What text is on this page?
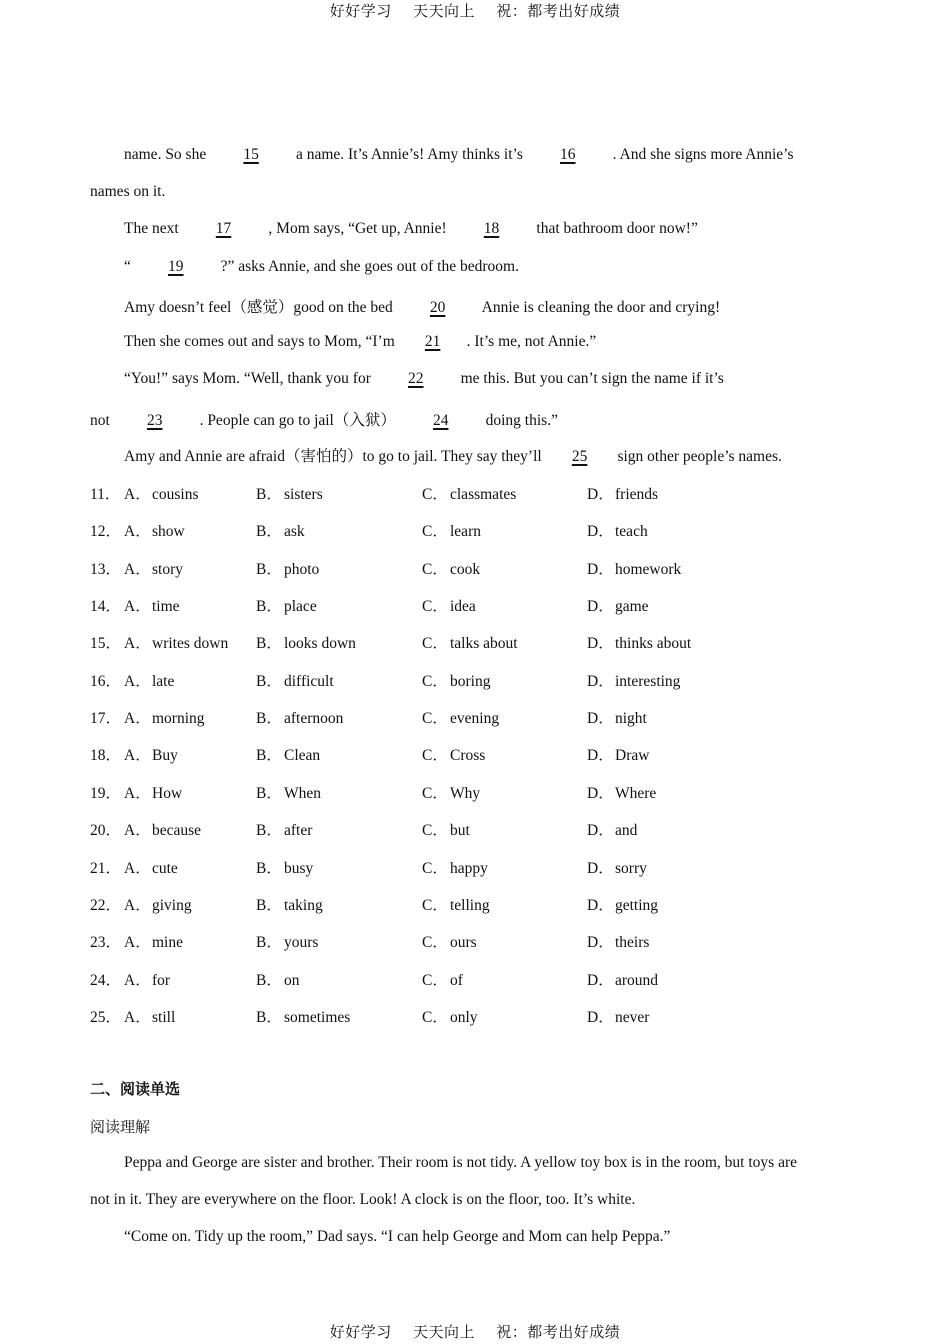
好好学习 天天向上 祝：都考出好成绩
name. So she 15 a name. It’s Annie’s! Amy thinks it’s 16 . And she signs more Annie’s
names on it.
The next 17 , Mom says, “Get up, Annie! 18 that bathroom door now!”
“ 19 ?” asks Annie, and she goes out of the bedroom.
Amy doesn’t feel（感觉）good on the bed 20 Annie is cleaning the door and crying!
Then she comes out and says to Mom, “I’m 21 . It’s me, not Annie.”
“You!” says Mom. “Well, thank you for 22 me this. But you can’t sign the name if it’s
not 23 . People can go to jail（入狱） 24 doing this.”
Amy and Annie are afraid（害怕的）to go to jail. They say they’ll 25 sign other people’s names.
11． A．cousins	B． sisters	C． classmates	D．friends
12． A．show	B． ask	C． learn	D．teach
13． A．story	B． photo	C． cook	D．homework
14． A．time	B． place	C． idea	D．game
15． A．writes down B． looks down	C． talks about	D．thinks about
16． A．late	B． difficult	C． boring	D．interesting
17． A．morning	B． afternoon	C． evening	D．night
18． A．Buy	B． Clean	C． Cross	D．Draw
19． A．How	B． When	C． Why	D．Where
20． A．because	B． after	C． but	D．and
21． A．cute	B． busy	C． happy	D．sorry
22． A．giving	B． taking	C． telling	D．getting
23． A．mine	B． yours	C． ours	D．theirs
24． A．for	B． on	C． of	D．around
25． A．still	B． sometimes	C． only	D．never
二、阅读单选
阅读理解
Peppa and George are sister and brother. Their room is not tidy. A yellow toy box is in the room, but toys are
not in it. They are everywhere on the floor. Look! A clock is on the floor, too. It’s white.
“Come on. Tidy up the room,” Dad says. “I can help George and Mom can help Peppa.”
好好学习 天天向上 祝：都考出好成绩
